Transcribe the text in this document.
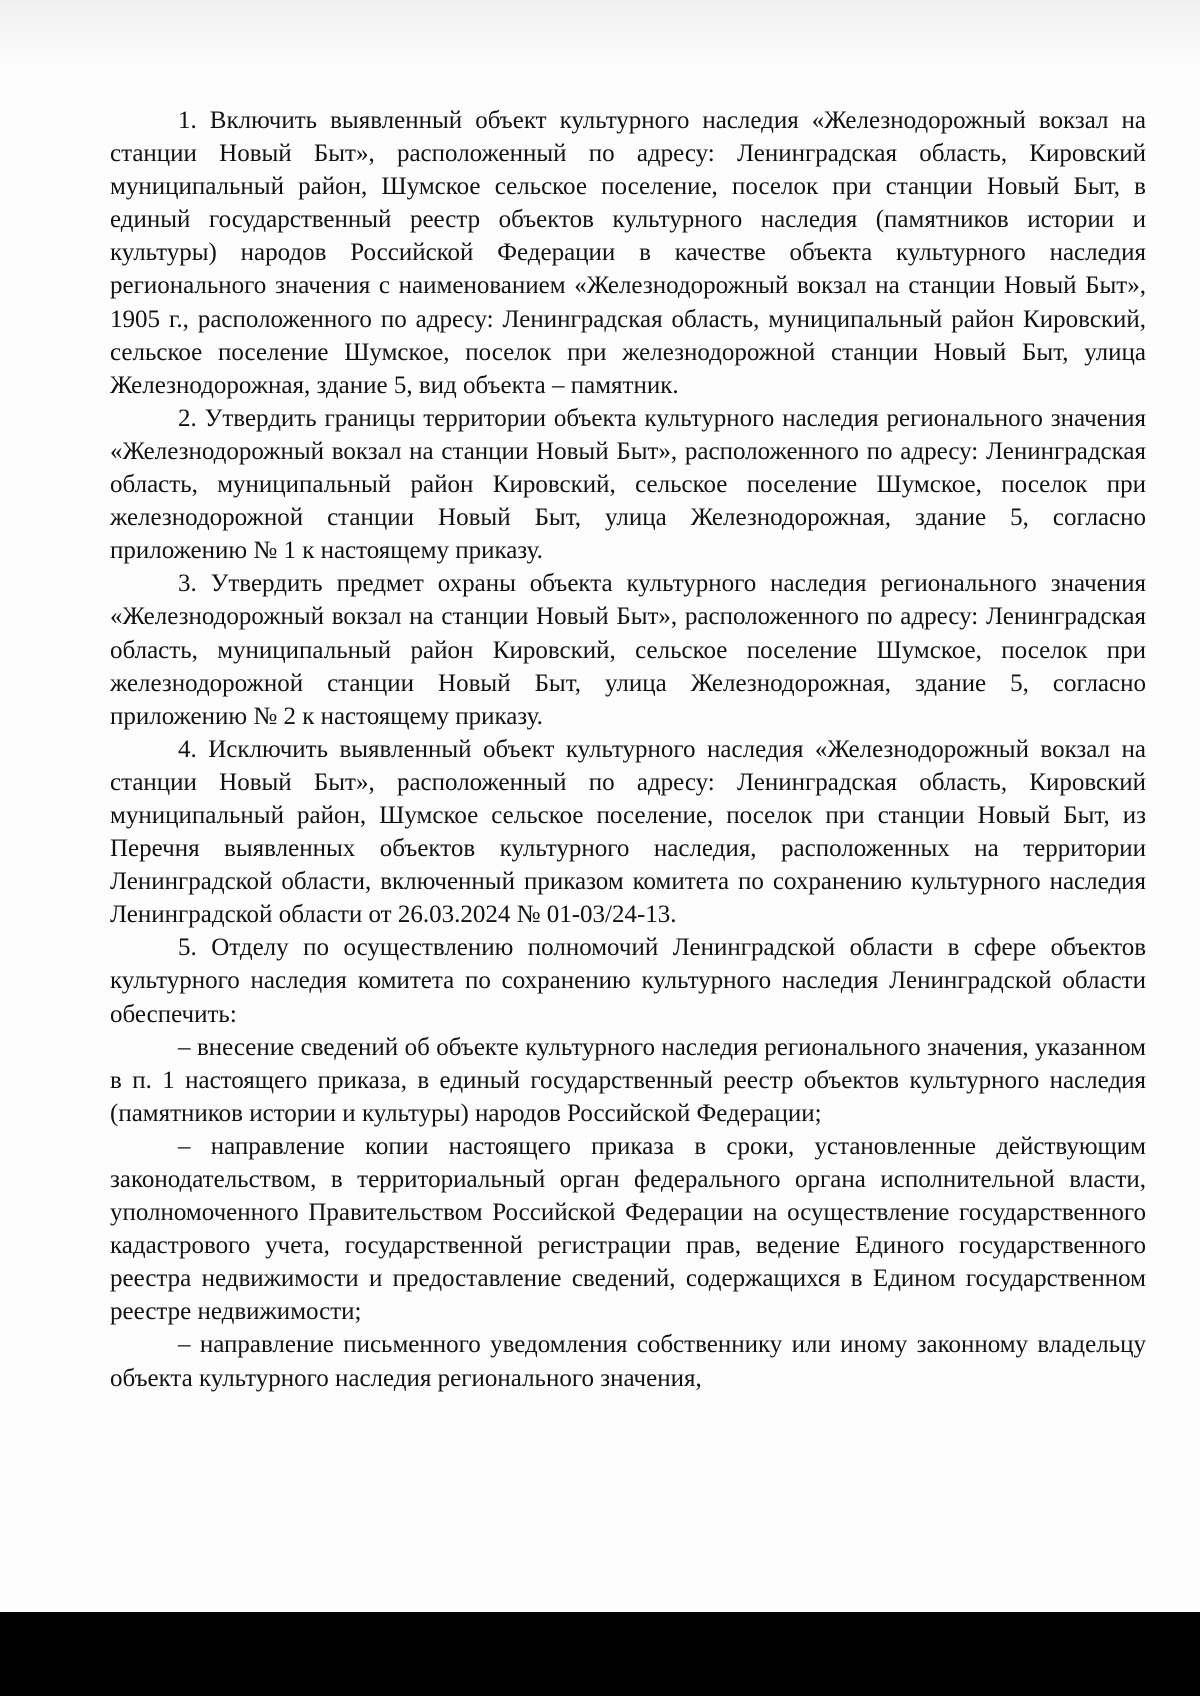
1. Включить выявленный объект культурного наследия «Железнодорожный вокзал на станции Новый Быт», расположенный по адресу: Ленинградская область, Кировский муниципальный район, Шумское сельское поселение, поселок при станции Новый Быт, в единый государственный реестр объектов культурного наследия (памятников истории и культуры) народов Российской Федерации в качестве объекта культурного наследия регионального значения с наименованием «Железнодорожный вокзал на станции Новый Быт», 1905 г., расположенного по адресу: Ленинградская область, муниципальный район Кировский, сельское поселение Шумское, поселок при железнодорожной станции Новый Быт, улица Железнодорожная, здание 5, вид объекта – памятник.

2. Утвердить границы территории объекта культурного наследия регионального значения «Железнодорожный вокзал на станции Новый Быт», расположенного по адресу: Ленинградская область, муниципальный район Кировский, сельское поселение Шумское, поселок при железнодорожной станции Новый Быт, улица Железнодорожная, здание 5, согласно приложению № 1 к настоящему приказу.

3. Утвердить предмет охраны объекта культурного наследия регионального значения «Железнодорожный вокзал на станции Новый Быт», расположенного по адресу: Ленинградская область, муниципальный район Кировский, сельское поселение Шумское, поселок при железнодорожной станции Новый Быт, улица Железнодорожная, здание 5, согласно приложению № 2 к настоящему приказу.

4. Исключить выявленный объект культурного наследия «Железнодорожный вокзал на станции Новый Быт», расположенный по адресу: Ленинградская область, Кировский муниципальный район, Шумское сельское поселение, поселок при станции Новый Быт, из Перечня выявленных объектов культурного наследия, расположенных на территории Ленинградской области, включенный приказом комитета по сохранению культурного наследия Ленинградской области от 26.03.2024 № 01-03/24-13.

5. Отделу по осуществлению полномочий Ленинградской области в сфере объектов культурного наследия комитета по сохранению культурного наследия Ленинградской области обеспечить:

– внесение сведений об объекте культурного наследия регионального значения, указанном в п. 1 настоящего приказа, в единый государственный реестр объектов культурного наследия (памятников истории и культуры) народов Российской Федерации;

– направление копии настоящего приказа в сроки, установленные действующим законодательством, в территориальный орган федерального органа исполнительной власти, уполномоченного Правительством Российской Федерации на осуществление государственного кадастрового учета, государственной регистрации прав, ведение Единого государственного реестра недвижимости и предоставление сведений, содержащихся в Едином государственном реестре недвижимости;

– направление письменного уведомления собственнику или иному законному владельцу объекта культурного наследия регионального значения,
